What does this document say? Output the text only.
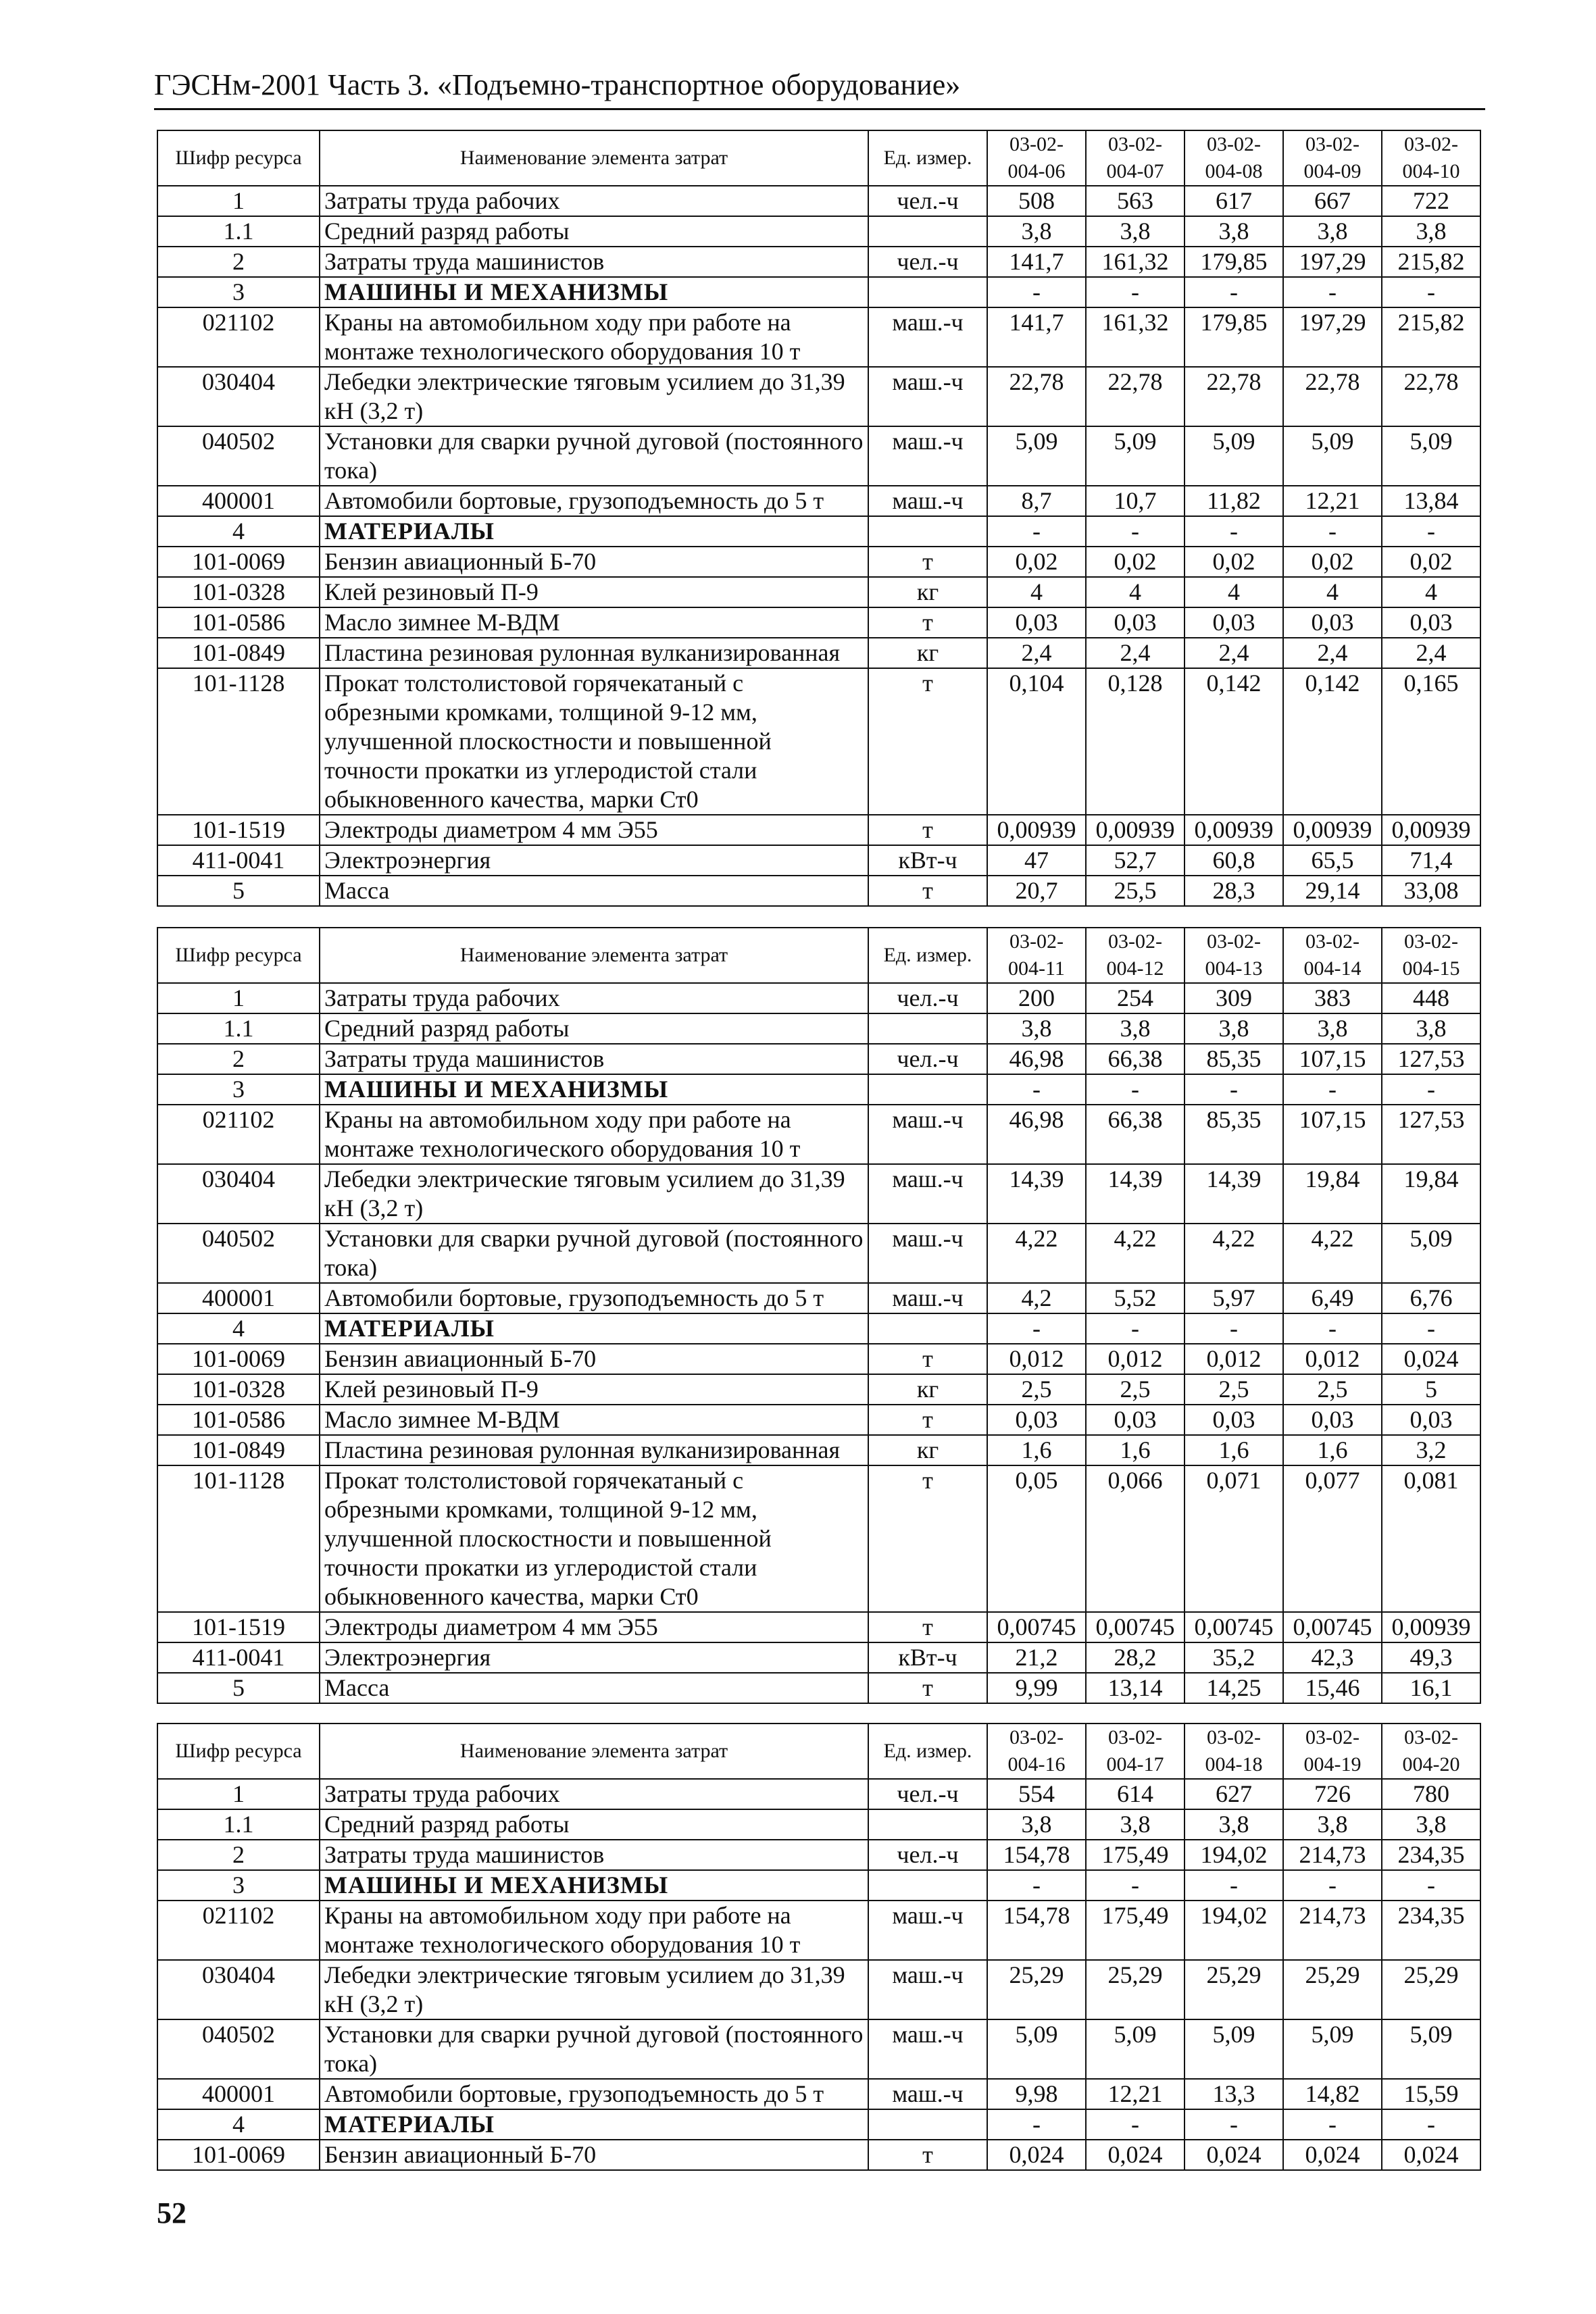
ГЭСНм-2001 Часть 3. «Подъемно-транспортное оборудование»
Шифр ресурса	Наименование элемента затрат	Ед. измер.	03-02-004-06	03-02-004-07	03-02-004-08	03-02-004-09	03-02-004-10
1	Затраты труда рабочих	чел.-ч	508	563	617	667	722
1.1	Средний разряд работы		3,8	3,8	3,8	3,8	3,8
2	Затраты труда машинистов	чел.-ч	141,7	161,32	179,85	197,29	215,82
3	МАШИНЫ И МЕХАНИЗМЫ		-	-	-	-	-
021102	Краны на автомобильном ходу при работе на монтаже технологического оборудования 10 т	маш.-ч	141,7	161,32	179,85	197,29	215,82
030404	Лебедки электрические тяговым усилием до 31,39 кН (3,2 т)	маш.-ч	22,78	22,78	22,78	22,78	22,78
040502	Установки для сварки ручной дуговой (постоянного тока)	маш.-ч	5,09	5,09	5,09	5,09	5,09
400001	Автомобили бортовые, грузоподъемность до 5 т	маш.-ч	8,7	10,7	11,82	12,21	13,84
4	МАТЕРИАЛЫ		-	-	-	-	-
101-0069	Бензин авиационный Б-70	т	0,02	0,02	0,02	0,02	0,02
101-0328	Клей резиновый П-9	кг	4	4	4	4	4
101-0586	Масло зимнее М-ВДМ	т	0,03	0,03	0,03	0,03	0,03
101-0849	Пластина резиновая рулонная вулканизированная	кг	2,4	2,4	2,4	2,4	2,4
101-1128	Прокат толстолистовой горячекатаный с обрезными кромками, толщиной 9-12 мм, улучшенной плоскостности и повышенной точности прокатки из углеродистой стали обыкновенного качества, марки Ст0	т	0,104	0,128	0,142	0,142	0,165
101-1519	Электроды диаметром 4 мм Э55	т	0,00939	0,00939	0,00939	0,00939	0,00939
411-0041	Электроэнергия	кВт-ч	47	52,7	60,8	65,5	71,4
5	Масса	т	20,7	25,5	28,3	29,14	33,08
Шифр ресурса	Наименование элемента затрат	Ед. измер.	03-02-004-11	03-02-004-12	03-02-004-13	03-02-004-14	03-02-004-15
1	Затраты труда рабочих	чел.-ч	200	254	309	383	448
1.1	Средний разряд работы		3,8	3,8	3,8	3,8	3,8
2	Затраты труда машинистов	чел.-ч	46,98	66,38	85,35	107,15	127,53
3	МАШИНЫ И МЕХАНИЗМЫ		-	-	-	-	-
021102	Краны на автомобильном ходу при работе на монтаже технологического оборудования 10 т	маш.-ч	46,98	66,38	85,35	107,15	127,53
030404	Лебедки электрические тяговым усилием до 31,39 кН (3,2 т)	маш.-ч	14,39	14,39	14,39	19,84	19,84
040502	Установки для сварки ручной дуговой (постоянного тока)	маш.-ч	4,22	4,22	4,22	4,22	5,09
400001	Автомобили бортовые, грузоподъемность до 5 т	маш.-ч	4,2	5,52	5,97	6,49	6,76
4	МАТЕРИАЛЫ		-	-	-	-	-
101-0069	Бензин авиационный Б-70	т	0,012	0,012	0,012	0,012	0,024
101-0328	Клей резиновый П-9	кг	2,5	2,5	2,5	2,5	5
101-0586	Масло зимнее М-ВДМ	т	0,03	0,03	0,03	0,03	0,03
101-0849	Пластина резиновая рулонная вулканизированная	кг	1,6	1,6	1,6	1,6	3,2
101-1128	Прокат толстолистовой горячекатаный с обрезными кромками, толщиной 9-12 мм, улучшенной плоскостности и повышенной точности прокатки из углеродистой стали обыкновенного качества, марки Ст0	т	0,05	0,066	0,071	0,077	0,081
101-1519	Электроды диаметром 4 мм Э55	т	0,00745	0,00745	0,00745	0,00745	0,00939
411-0041	Электроэнергия	кВт-ч	21,2	28,2	35,2	42,3	49,3
5	Масса	т	9,99	13,14	14,25	15,46	16,1
Шифр ресурса	Наименование элемента затрат	Ед. измер.	03-02-004-16	03-02-004-17	03-02-004-18	03-02-004-19	03-02-004-20
1	Затраты труда рабочих	чел.-ч	554	614	627	726	780
1.1	Средний разряд работы		3,8	3,8	3,8	3,8	3,8
2	Затраты труда машинистов	чел.-ч	154,78	175,49	194,02	214,73	234,35
3	МАШИНЫ И МЕХАНИЗМЫ		-	-	-	-	-
021102	Краны на автомобильном ходу при работе на монтаже технологического оборудования 10 т	маш.-ч	154,78	175,49	194,02	214,73	234,35
030404	Лебедки электрические тяговым усилием до 31,39 кН (3,2 т)	маш.-ч	25,29	25,29	25,29	25,29	25,29
040502	Установки для сварки ручной дуговой (постоянного тока)	маш.-ч	5,09	5,09	5,09	5,09	5,09
400001	Автомобили бортовые, грузоподъемность до 5 т	маш.-ч	9,98	12,21	13,3	14,82	15,59
4	МАТЕРИАЛЫ		-	-	-	-	-
101-0069	Бензин авиационный Б-70	т	0,024	0,024	0,024	0,024	0,024
52
